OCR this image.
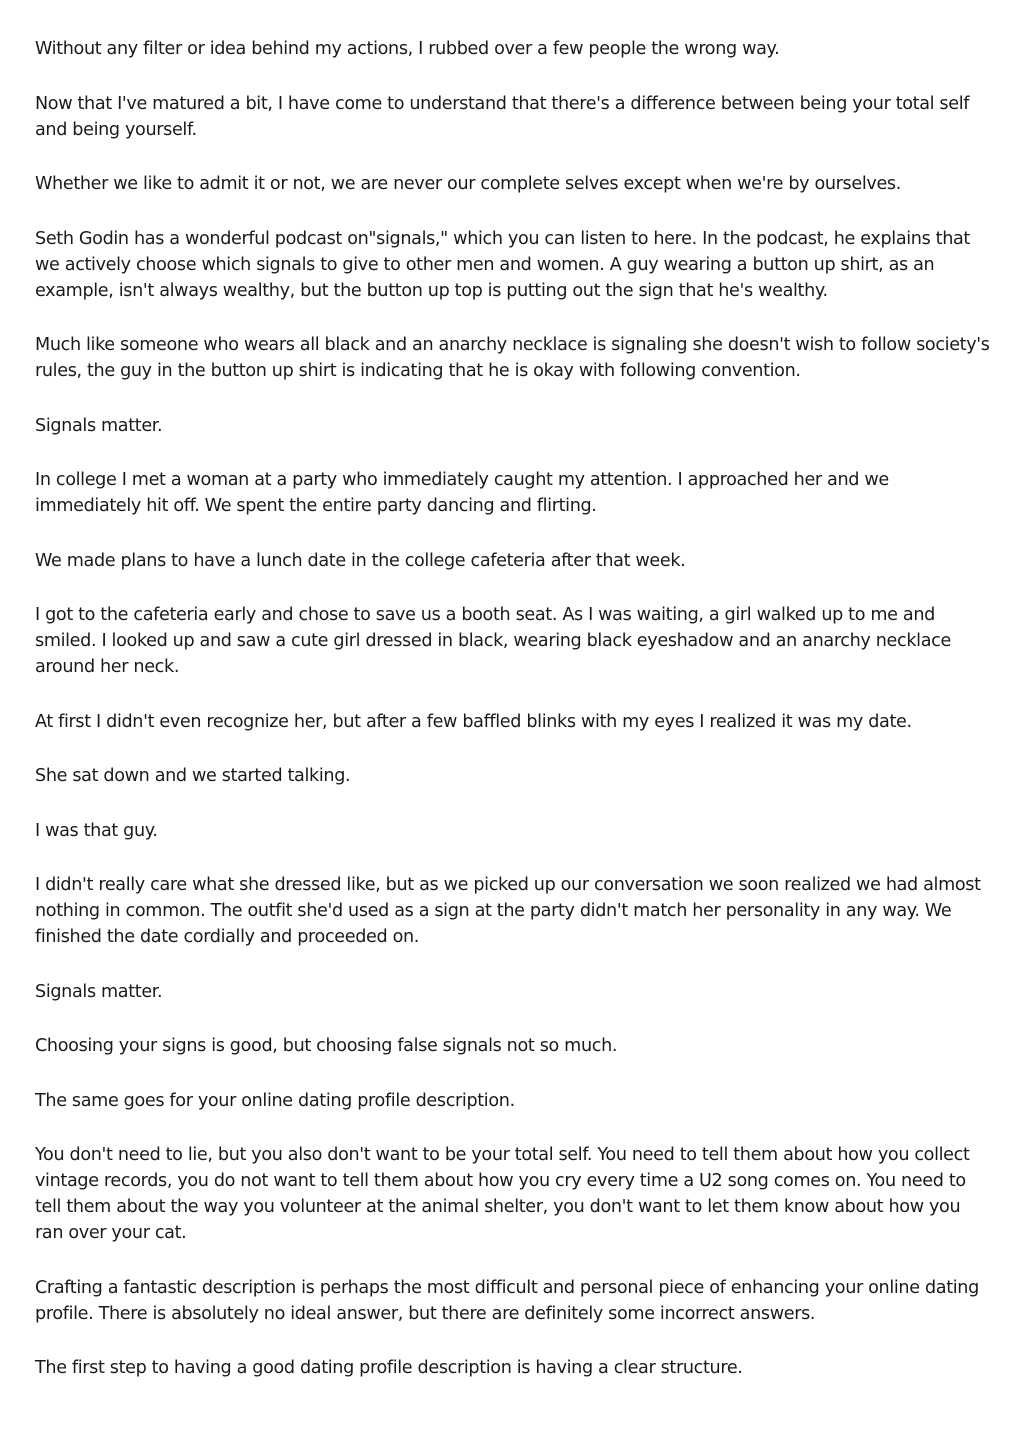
Without any filter or idea behind my actions, I rubbed over a few people the wrong way.

Now that I've matured a bit, I have come to understand that there's a difference between being your total self and being yourself.

Whether we like to admit it or not, we are never our complete selves except when we're by ourselves.

Seth Godin has a wonderful podcast on"signals," which you can listen to here. In the podcast, he explains that we actively choose which signals to give to other men and women. A guy wearing a button up shirt, as an example, isn't always wealthy, but the button up top is putting out the sign that he's wealthy.

Much like someone who wears all black and an anarchy necklace is signaling she doesn't wish to follow society's rules, the guy in the button up shirt is indicating that he is okay with following convention.

Signals matter.

In college I met a woman at a party who immediately caught my attention. I approached her and we immediately hit off. We spent the entire party dancing and flirting.

We made plans to have a lunch date in the college cafeteria after that week.

I got to the cafeteria early and chose to save us a booth seat. As I was waiting, a girl walked up to me and smiled. I looked up and saw a cute girl dressed in black, wearing black eyeshadow and an anarchy necklace around her neck.

At first I didn't even recognize her, but after a few baffled blinks with my eyes I realized it was my date.

She sat down and we started talking.

I was that guy.

I didn't really care what she dressed like, but as we picked up our conversation we soon realized we had almost nothing in common. The outfit she'd used as a sign at the party didn't match her personality in any way. We finished the date cordially and proceeded on.

Signals matter.

Choosing your signs is good, but choosing false signals not so much.

The same goes for your online dating profile description.

You don't need to lie, but you also don't want to be your total self. You need to tell them about how you collect vintage records, you do not want to tell them about how you cry every time a U2 song comes on. You need to tell them about the way you volunteer at the animal shelter, you don't want to let them know about how you ran over your cat.

Crafting a fantastic description is perhaps the most difficult and personal piece of enhancing your online dating profile. There is absolutely no ideal answer, but there are definitely some incorrect answers.

The first step to having a good dating profile description is having a clear structure.
